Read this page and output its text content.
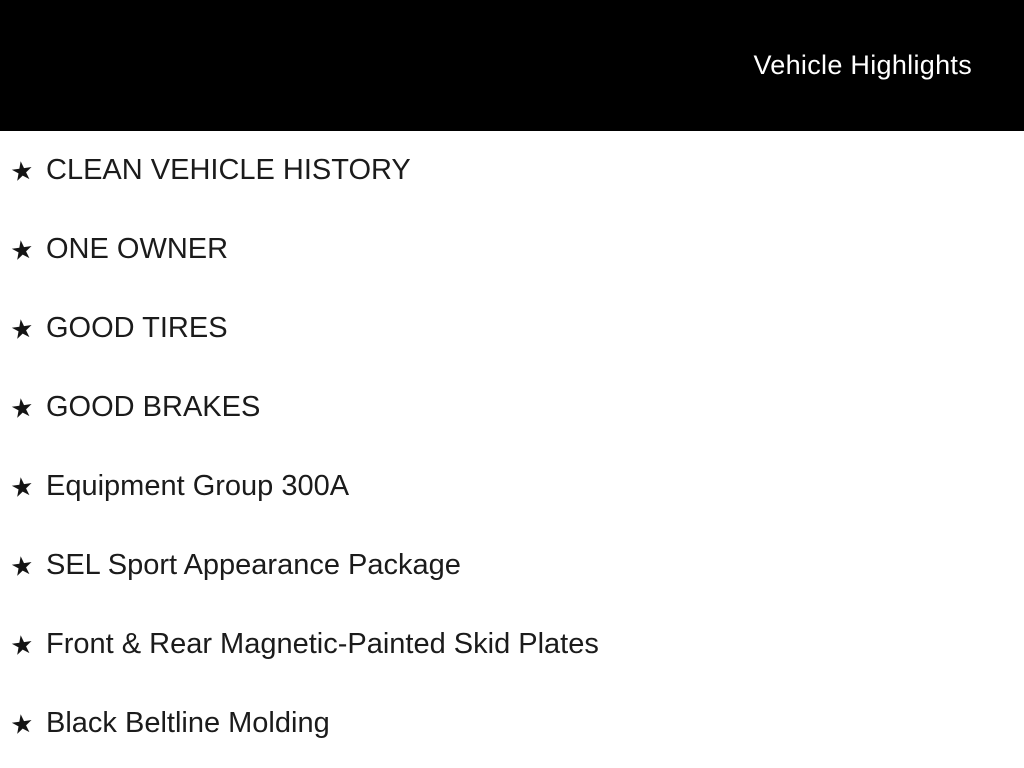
Vehicle Highlights
★ CLEAN VEHICLE HISTORY
★ ONE OWNER
★ GOOD TIRES
★ GOOD BRAKES
★ Equipment Group 300A
★ SEL Sport Appearance Package
★ Front & Rear Magnetic-Painted Skid Plates
★ Black Beltline Molding
